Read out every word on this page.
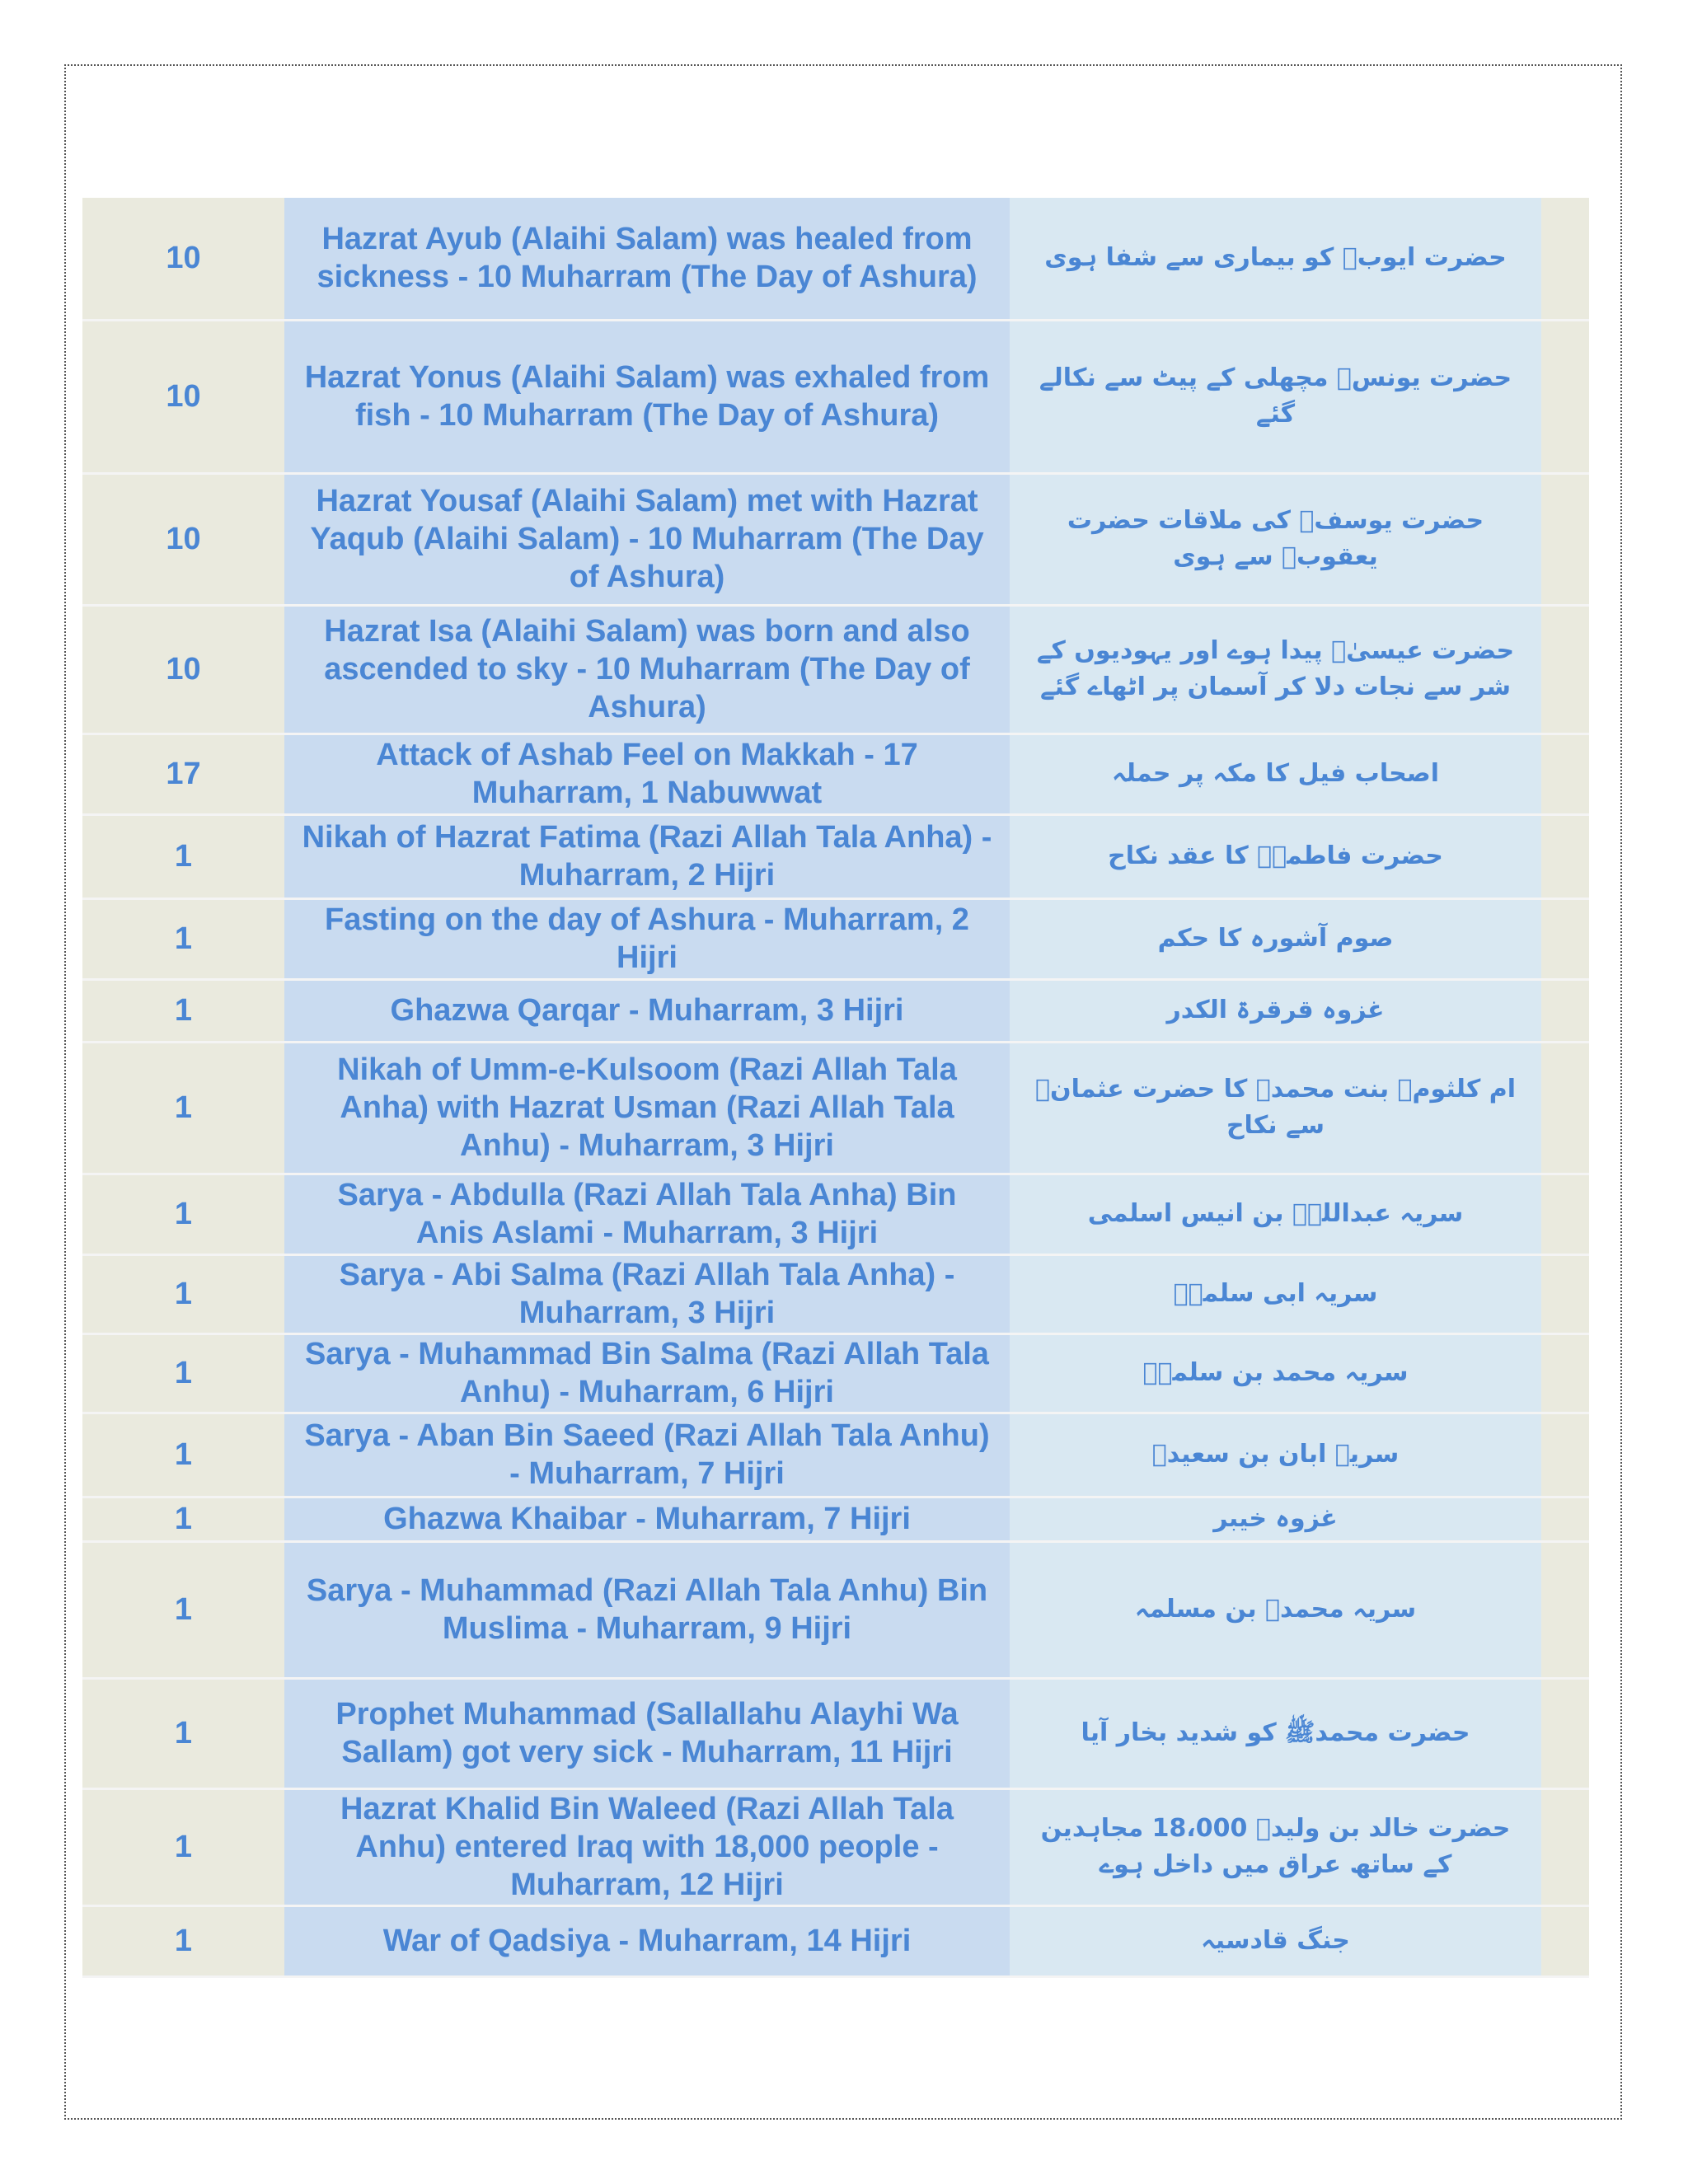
10	Hazrat Ayub (Alaihi Salam) was healed from sickness - 10 Muharram (The Day of Ashura)	حضرت ایوبؑ کو بیماری سے شفا ہوی	
10	Hazrat Yonus (Alaihi Salam) was exhaled from fish - 10 Muharram (The Day of Ashura)	حضرت یونسؑ مچھلی کے پیٹ سے نکالے گئے	
10	Hazrat Yousaf (Alaihi Salam) met with Hazrat Yaqub (Alaihi Salam) - 10 Muharram (The Day of Ashura)	حضرت یوسفؑ کی ملاقات حضرت یعقوبؑ سے ہوی	
10	Hazrat Isa (Alaihi Salam) was born and also ascended to sky - 10 Muharram (The Day of Ashura)	حضرت عیسیٰؑ پیدا ہوے اور یہودیوں کے شر سے نجات دلا کر آسمان پر اٹھاے گئے	
17	Attack of Ashab Feel on Makkah - 17 Muharram, 1 Nabuwwat	اصحاب فیل کا مکہ پر حملہ	
1	Nikah of Hazrat Fatima (Razi Allah Tala Anha) - Muharram, 2 Hijri	حضرت فاطمہؓ کا عقد نکاح	
1	Fasting on the day of Ashura - Muharram, 2 Hijri	صوم آشورہ کا حکم	
1	Ghazwa Qarqar - Muharram, 3 Hijri	غزوہ قرقرۃ الکدر	
1	Nikah of Umm-e-Kulsoom (Razi Allah Tala Anha) with Hazrat Usman (Razi Allah Tala Anhu) - Muharram, 3 Hijri	ام کلثومؓ بنت محمدﷺ کا حضرت عثمانؓ سے نکاح	
1	Sarya - Abdulla (Razi Allah Tala Anha) Bin Anis Aslami - Muharram, 3 Hijri	سریہ عبداللہؓ بن انیس اسلمی	
1	Sarya - Abi Salma (Razi Allah Tala Anha) - Muharram, 3 Hijri	سریہ ابی سلمہؓ	
1	Sarya - Muhammad Bin Salma (Razi Allah Tala Anhu) - Muharram, 6 Hijri	سریہ محمد بن سلمہؓ	
1	Sarya - Aban Bin Saeed (Razi Allah Tala Anhu) - Muharram, 7 Hijri	سریہ ابان بن سعیدؓ	
1	Ghazwa Khaibar - Muharram, 7 Hijri	غزوہ خیبر	
1	Sarya - Muhammad (Razi Allah Tala Anhu) Bin Muslima - Muharram, 9 Hijri	سریہ محمدؓ بن مسلمہ	
1	Prophet Muhammad (Sallallahu Alayhi Wa Sallam) got very sick - Muharram, 11 Hijri	حضرت محمدﷺ کو شدید بخار آیا	
1	Hazrat Khalid Bin Waleed (Razi Allah Tala Anhu) entered Iraq with 18,000 people - Muharram, 12 Hijri	حضرت خالد بن ولیدؓ 18،000 مجاہدین کے ساتھ عراق میں داخل ہوے	
1	War of Qadsiya - Muharram, 14 Hijri	جنگ قادسیہ	
